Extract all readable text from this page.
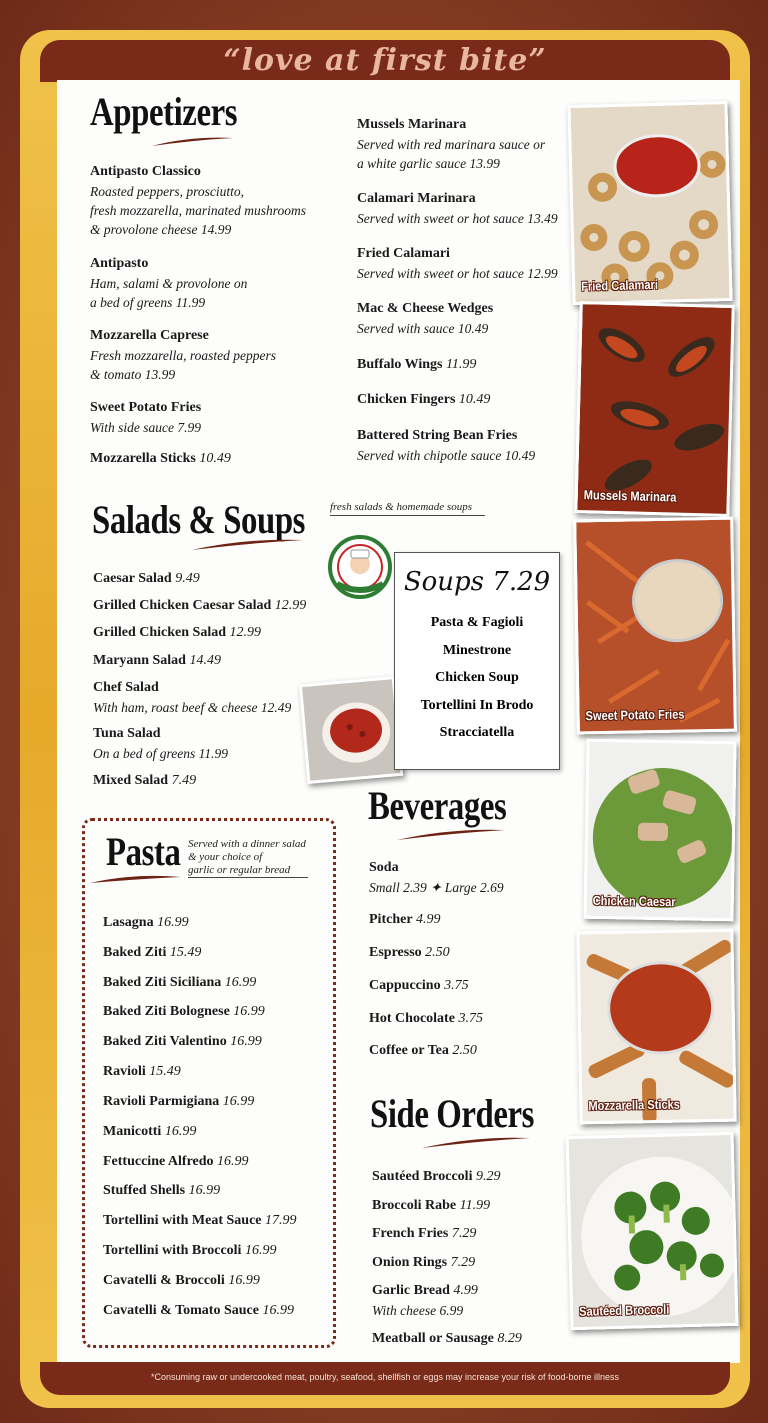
“love at first bite”
*Consuming raw or undercooked meat, poultry, seafood, shellfish or eggs may increase your risk of food-borne illness
Appetizers
Antipasto Classico
Roasted peppers, prosciutto,
fresh mozzarella, marinated mushrooms
& provolone cheese 14.99
Antipasto
Ham, salami & provolone on
a bed of greens 11.99
Mozzarella Caprese
Fresh mozzarella, roasted peppers
& tomato 13.99
Sweet Potato Fries
With side sauce 7.99
Mozzarella Sticks 10.49
Mussels Marinara
Served with red marinara sauce or
a white garlic sauce 13.99
Calamari Marinara
Served with sweet or hot sauce 13.49
Fried Calamari
Served with sweet or hot sauce 12.99
Mac & Cheese Wedges
Served with sauce 10.49
Buffalo Wings 11.99
Chicken Fingers 10.49
Battered String Bean Fries
Served with chipotle sauce 10.49
Salads & Soups fresh salads & homemade soups
Caesar Salad 9.49
Grilled Chicken Caesar Salad 12.99
Grilled Chicken Salad 12.99
Maryann Salad 14.49
Chef Salad
With ham, roast beef & cheese 12.49
Tuna Salad
On a bed of greens 11.99
Mixed Salad 7.49
Soups 7.29
Pasta & Fagioli
Minestrone
Chicken Soup
Tortellini In Brodo
Stracciatella
Pasta Served with a dinner salad
& your choice of
garlic or regular bread
Lasagna 16.99
Baked Ziti 15.49
Baked Ziti Siciliana 16.99
Baked Ziti Bolognese 16.99
Baked Ziti Valentino 16.99
Ravioli 15.49
Ravioli Parmigiana 16.99
Manicotti 16.99
Fettuccine Alfredo 16.99
Stuffed Shells 16.99
Tortellini with Meat Sauce 17.99
Tortellini with Broccoli 16.99
Cavatelli & Broccoli 16.99
Cavatelli & Tomato Sauce 16.99
Beverages
Soda
Small 2.39 ✦ Large 2.69
Pitcher 4.99
Espresso 2.50
Cappuccino 3.75
Hot Chocolate 3.75
Coffee or Tea 2.50
Side Orders
Sautéed Broccoli 9.29
Broccoli Rabe 11.99
French Fries 7.29
Onion Rings 7.29
Garlic Bread 4.99
With cheese 6.99
Meatball or Sausage 8.29
Fried Calamari
Mussels Marinara
Sweet Potato Fries
Chicken Caesar
Mozzarella Sticks
Sautéed Broccoli
